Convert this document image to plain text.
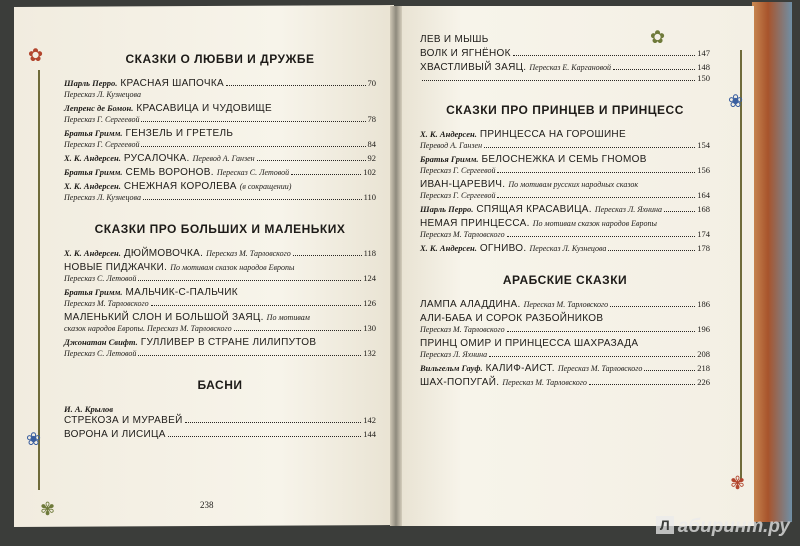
✿
❀
✾
✿
❀
✾
СКАЗКИ О ЛЮБВИ И ДРУЖБЕ
Шарль Перро. КРАСНАЯ ШАПОЧКА	70
Пересказ Л. Кузнецова
Лепренс де Бомон. КРАСАВИЦА И ЧУДОВИЩЕ
Пересказ Г. Сергеевой	78
Братья Гримм. ГЕНЗЕЛЬ И ГРЕТЕЛЬ
Пересказ Г. Сергеевой	84
Х. К. Андерсен. РУСАЛОЧКА. Перевод А. Ганзен	92
Братья Гримм. СЕМЬ ВОРОНОВ. Пересказ С. Летовой	102
Х. К. Андерсен. СНЕЖНАЯ КОРОЛЕВА (в сокращении)
Пересказ Л. Кузнецова	110
СКАЗКИ ПРО БОЛЬШИХ И МАЛЕНЬКИХ
Х. К. Андерсен. ДЮЙМОВОЧКА. Пересказ М. Тарловского	118
НОВЫЕ ПИДЖАЧКИ. По мотивам сказок народов Европы
Пересказ С. Летовой	124
Братья Гримм. МАЛЬЧИК-С-ПАЛЬЧИК
Пересказ М. Тарловского	126
МАЛЕНЬКИЙ СЛОН И БОЛЬШОЙ ЗАЯЦ. По мотивам
сказок народов Европы. Пересказ М. Тарловского	130
Джонатан Свифт. ГУЛЛИВЕР В СТРАНЕ ЛИЛИПУТОВ
Пересказ С. Летовой	132
БАСНИ
И. А. Крылов
СТРЕКОЗА И МУРАВЕЙ	142
ВОРОНА И ЛИСИЦА	144
ЛЕВ И МЫШЬ
ВОЛК И ЯГНЁНОК	147
ХВАСТЛИВЫЙ ЗАЯЦ. Пересказ Е. Каргановой	148
150
СКАЗКИ ПРО ПРИНЦЕВ И ПРИНЦЕСС
Х. К. Андерсен. ПРИНЦЕССА НА ГОРОШИНЕ
Перевод А. Ганзен	154
Братья Гримм. БЕЛОСНЕЖКА И СЕМЬ ГНОМОВ
Пересказ Г. Сергеевой	156
ИВАН-ЦАРЕВИЧ. По мотивам русских народных сказок
Пересказ Г. Сергеевой	164
Шарль Перро. СПЯЩАЯ КРАСАВИЦА. Пересказ Л. Яхнина	168
НЕМАЯ ПРИНЦЕССА. По мотивам сказок народов Европы
Пересказ М. Тарловского	174
Х. К. Андерсен. ОГНИВО. Пересказ Л. Кузнецова	178
АРАБСКИЕ СКАЗКИ
ЛАМПА АЛАДДИНА. Пересказ М. Тарловского	186
АЛИ-БАБА И СОРОК РАЗБОЙНИКОВ
Пересказ М. Тарловского	196
ПРИНЦ ОМИР И ПРИНЦЕССА ШАХРАЗАДА
Пересказ Л. Яхнина	208
Вильгельм Гауф. КАЛИФ-АИСТ. Пересказ М. Тарловского	218
ШАХ-ПОПУГАЙ. Пересказ М. Тарловского	226
238
Л абиринт.ру
